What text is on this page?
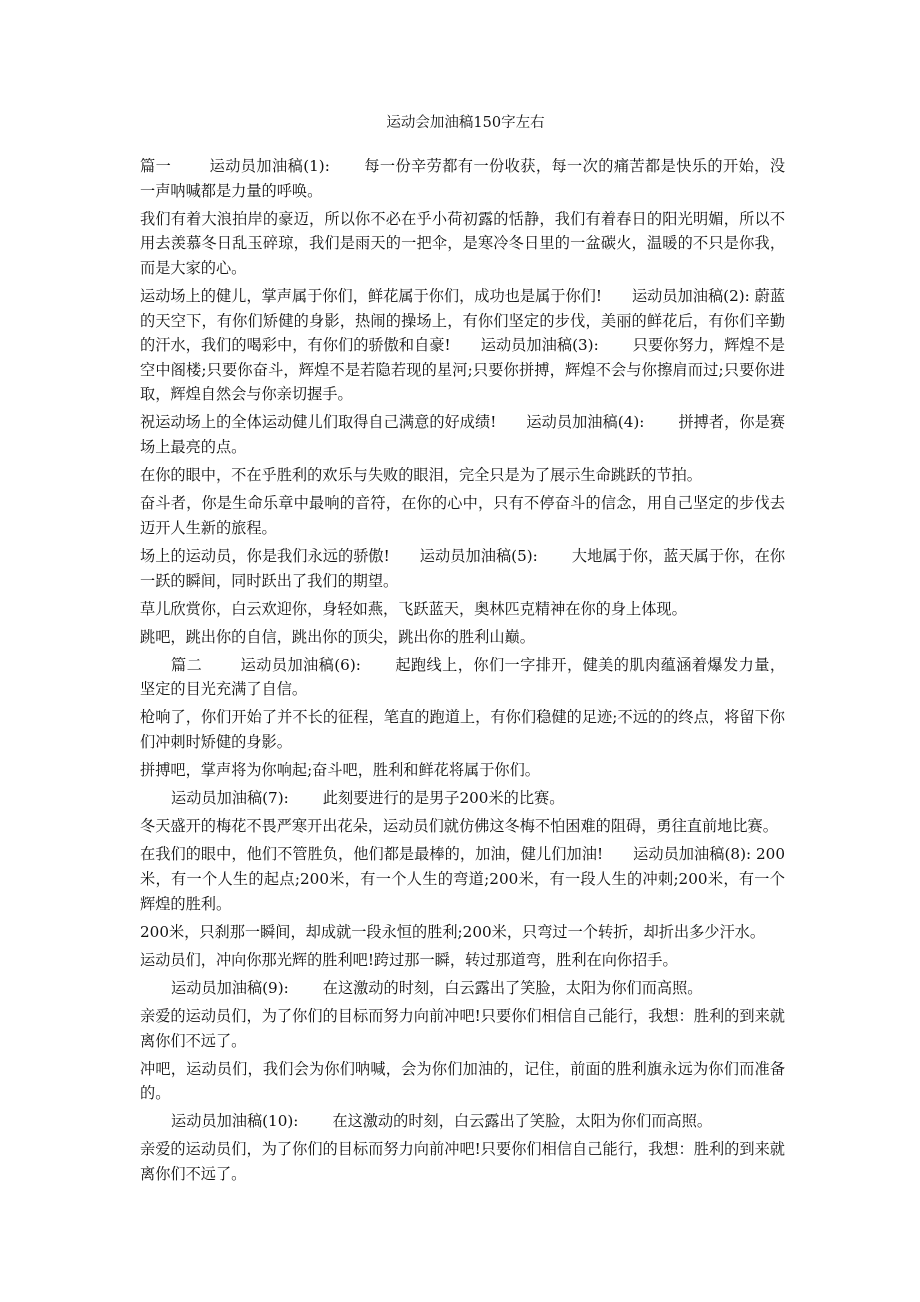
运动会加油稿150字左右

篇一	运动员加油稿(1): 每一份辛劳都有一份收获，每一次的痛苦都是快乐的开始，没一声呐喊都是力量的呼唤。

我们有着大浪拍岸的豪迈，所以你不必在乎小荷初露的恬静，我们有着春日的阳光明媚，所以不用去羡慕冬日乱玉碎琼，我们是雨天的一把伞，是寒冷冬日里的一盆碳火，温暖的不只是你我，而是大家的心。

运动场上的健儿，掌声属于你们，鲜花属于你们，成功也是属于你们! 运动员加油稿(2): 蔚蓝的天空下，有你们矫健的身影，热闹的操场上，有你们坚定的步伐，美丽的鲜花后，有你们辛勤的汗水，我们的喝彩中，有你们的骄傲和自豪! 运动员加油稿(3): 只要你努力，辉煌不是空中阁楼;只要你奋斗，辉煌不是若隐若现的星河;只要你拼搏，辉煌不会与你擦肩而过;只要你进取，辉煌自然会与你亲切握手。

祝运动场上的全体运动健儿们取得自己满意的好成绩! 运动员加油稿(4): 拼搏者，你是赛场上最亮的点。

在你的眼中，不在乎胜利的欢乐与失败的眼泪，完全只是为了展示生命跳跃的节拍。

奋斗者，你是生命乐章中最响的音符，在你的心中，只有不停奋斗的信念，用自己坚定的步伐去迈开人生新的旅程。

场上的运动员，你是我们永远的骄傲! 运动员加油稿(5): 大地属于你，蓝天属于你，在你一跃的瞬间，同时跃出了我们的期望。

草儿欣赏你，白云欢迎你，身轻如燕，飞跃蓝天，奥林匹克精神在你的身上体现。

跳吧，跳出你的自信，跳出你的顶尖，跳出你的胜利山巅。

篇二	运动员加油稿(6): 起跑线上，你们一字排开，健美的肌肉蕴涵着爆发力量，坚定的目光充满了自信。

枪响了，你们开始了并不长的征程，笔直的跑道上，有你们稳健的足迹;不远的的终点，将留下你们冲刺时矫健的身影。

拼搏吧，掌声将为你响起;奋斗吧，胜利和鲜花将属于你们。

运动员加油稿(7): 此刻要进行的是男子200米的比赛。

冬天盛开的梅花不畏严寒开出花朵，运动员们就仿佛这冬梅不怕困难的阻碍，勇往直前地比赛。

在我们的眼中，他们不管胜负，他们都是最棒的，加油，健儿们加油! 运动员加油稿(8): 200米，有一个人生的起点;200米，有一个人生的弯道;200米，有一段人生的冲刺;200米，有一个辉煌的胜利。

200米，只刹那一瞬间，却成就一段永恒的胜利;200米，只弯过一个转折，却折出多少汗水。

运动员们，冲向你那光辉的胜利吧!跨过那一瞬，转过那道弯，胜利在向你招手。

运动员加油稿(9): 在这激动的时刻，白云露出了笑脸，太阳为你们而高照。

亲爱的运动员们，为了你们的目标而努力向前冲吧!只要你们相信自己能行，我想：胜利的到来就离你们不远了。

冲吧，运动员们，我们会为你们呐喊，会为你们加油的，记住，前面的胜利旗永远为你们而准备的。

运动员加油稿(10): 在这激动的时刻，白云露出了笑脸，太阳为你们而高照。

亲爱的运动员们，为了你们的目标而努力向前冲吧!只要你们相信自己能行，我想：胜利的到来就离你们不远了。
